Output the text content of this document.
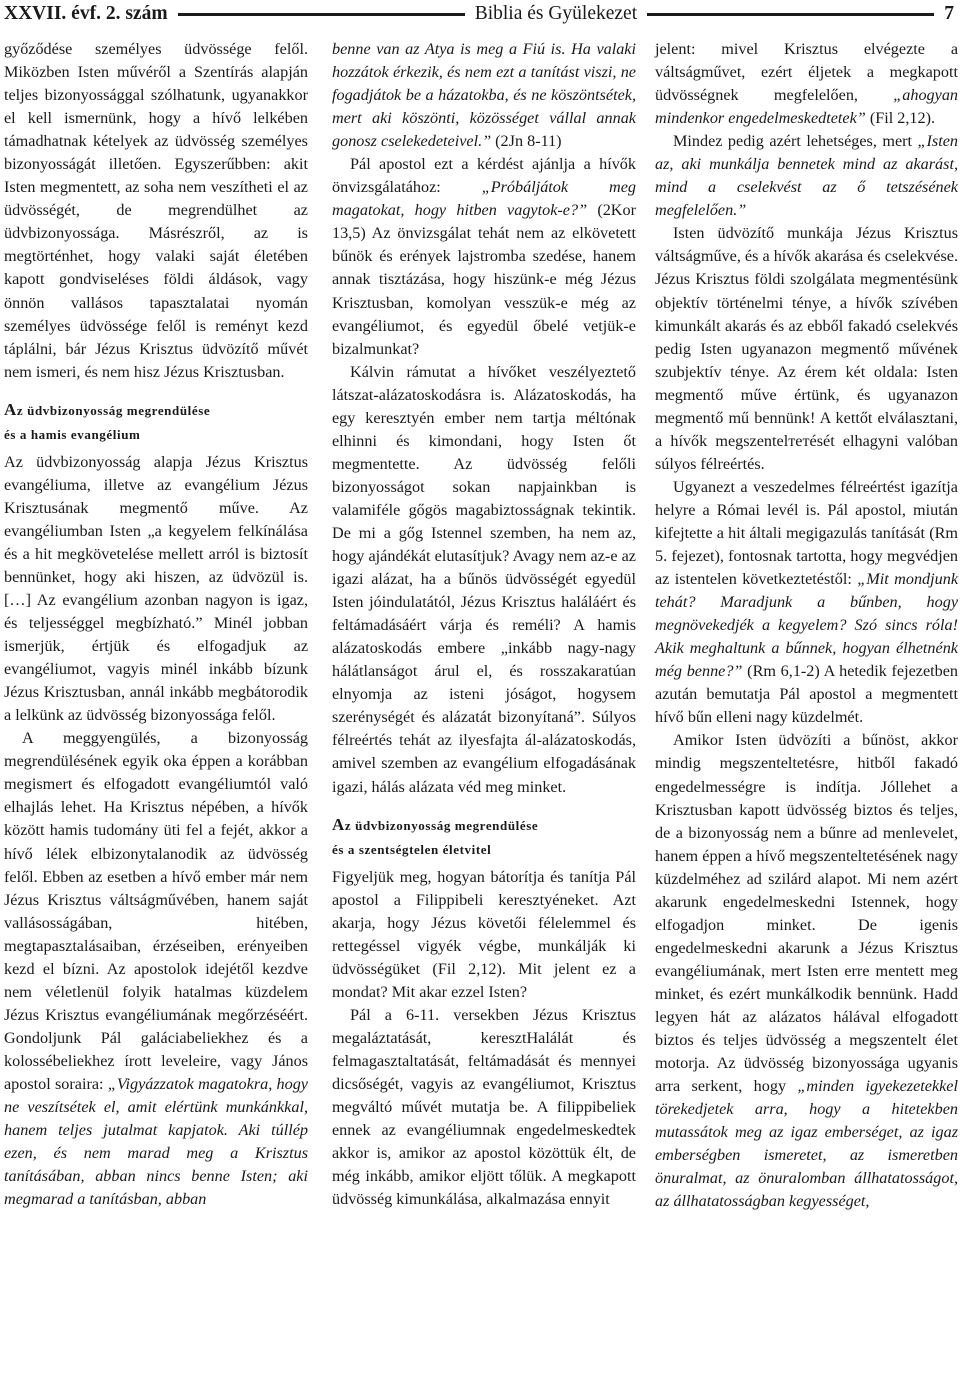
XXVII. évf. 2. szám	Biblia és Gyülekezet	7

győződése személyes üdvössége felől. Miközben Isten művéről a Szentírás alapján teljes bizonyossággal szólhatunk, ugyanakkor el kell ismernünk, hogy a hívő lelkében támadhatnak kételyek az üdvösség személyes bizonyosságát illetően. Egyszerűbben: akit Isten megmentett, az soha nem veszítheti el az üdvösségét, de megrendülhet az üdvbizonyossága. Másrészről, az is megtörténhet, hogy valaki saját életében kapott gondviseléses földi áldások, vagy önnön vallásos tapasztalatai nyomán személyes üdvössége felől is reményt kezd táplálni, bár Jézus Krisztus üdvözítő művét nem ismeri, és nem hisz Jézus Krisztusban.

Az üdvbizonyosság megrendülése
és a hamis evangélium

Az üdvbizonyosság alapja Jézus Krisztus evangéliuma, illetve az evangélium Jézus Krisztusának megmentő műve. Az evangéliumban Isten „a kegyelem felkínálása és a hit megkövetelése mellett arról is biztosít bennünket, hogy aki hiszen, az üdvözül is. […] Az evangélium azonban nagyon is igaz, és teljességgel megbízható.” Minél jobban ismerjük, értjük és elfogadjuk az evangéliumot, vagyis minél inkább bízunk Jézus Krisztusban, annál inkább megbátorodik a lelkünk az üdvösség bizonyossága felől.

A meggyengülés, a bizonyosság megrendülésének egyik oka éppen a korábban megismert és elfogadott evangéliumtól való elhajlás lehet. Ha Krisztus népében, a hívők között hamis tudomány üti fel a fejét, akkor a hívő lélek elbizonytalanodik az üdvösség felől. Ebben az esetben a hívő ember már nem Jézus Krisztus váltságművében, hanem saját vallásosságában, hitében, megtapasztalásaiban, érzéseiben, erényeiben kezd el bízni. Az apostolok idejétől kezdve nem véletlenül folyik hatalmas küzdelem Jézus Krisztus evangéliumának megőrzéséért. Gondoljunk Pál galáciabeliekhez és a kolossébeliekhez írott leveleire, vagy János apostol soraira: „Vigyázzatok magatokra, hogy ne veszítsétek el, amit elértünk munkánkkal, hanem teljes jutalmat kapjatok. Aki túllép ezen, és nem marad meg a Krisztus tanításában, abban nincs benne Isten; aki megmarad a tanításban, abban

benne van az Atya is meg a Fiú is. Ha valaki hozzátok érkezik, és nem ezt a tanítást viszi, ne fogadjátok be a házatokba, és ne köszöntsétek, mert aki köszönti, közösséget vállal annak gonosz cselekedeteivel.” (2Jn 8-11)

Pál apostol ezt a kérdést ajánlja a hívők önvizsgálatához: „Próbáljátok meg magatokat, hogy hitben vagytok-e?” (2Kor 13,5) Az önvizsgálat tehát nem az elkövetett bűnök és erények lajstromba szedése, hanem annak tisztázása, hogy hiszünk-e még Jézus Krisztusban, komolyan vesszük-e még az evangéliumot, és egyedül őbelé vetjük-e bizalmunkat?

Kálvin rámutat a hívőket veszélyeztető látszat-alázatoskodásra is. Alázatoskodás, ha egy keresztyén ember nem tartja méltónak elhinni és kimondani, hogy Isten őt megmentette. Az üdvösség felőli bizonyosságot sokan napjainkban is valamiféle gőgös magabiztosságnak tekintik. De mi a gőg Istennel szemben, ha nem az, hogy ajándékát elutasítjuk? Avagy nem az-e az igazi alázat, ha a bűnös üdvösségét egyedül Isten jóindulatától, Jézus Krisztus haláláért és feltámadásáért várja és reméli? A hamis alázatoskodás embere „inkább nagy-nagy hálátlanságot árul el, és rosszakaratúan elnyomja az isteni jóságot, hogysem szerénységét és alázatát bizonyítaná”. Súlyos félreértés tehát az ilyesfajta ál-alázatoskodás, amivel szemben az evangélium elfogadásának igazi, hálás alázata véd meg minket.

Az üdvbizonyosság megrendülése
és a szentségtelen életvitel

Figyeljük meg, hogyan bátorítja és tanítja Pál apostol a Filippibeli keresztyéneket. Azt akarja, hogy Jézus követői félelemmel és rettegéssel vigyék végbe, munkálják ki üdvösségüket (Fil 2,12). Mit jelent ez a mondat? Mit akar ezzel Isten?

Pál a 6-11. versekben Jézus Krisztus megaláztatását, keresztHalálát és felmagasztaltatását, feltámadását és mennyei dicsőségét, vagyis az evangéliumot, Krisztus megváltó művét mutatja be. A filippibeliek ennek az evangéliumnak engedelmeskedtek akkor is, amikor az apostol közöttük élt, de még inkább, amikor eljött tőlük. A megkapott üdvösség kimunkálása, alkalmazása ennyit

jelent: mivel Krisztus elvégezte a váltságművet, ezért éljetek a megkapott üdvösségnek megfelelően, „ahogyan mindenkor engedelmeskedtetek” (Fil 2,12).

Mindez pedig azért lehetséges, mert „Isten az, aki munkálja bennetek mind az akarást, mind a cselekvést az ő tetszésének megfelelően.”

Isten üdvözítő munkája Jézus Krisztus váltságműve, és a hívők akarása és cselekvése. Jézus Krisztus földi szolgálata megmentésünk objektív történelmi ténye, a hívők szívében kimunkált akarás és az ebből fakadó cselekvés pedig Isten ugyanazon megmentő művének szubjektív ténye. Az érem két oldala: Isten megmentő műve értünk, és ugyanazon megmentő mű bennünk! A kettőt elválasztani, a hívők megszentelтетését elhagyni valóban súlyos félreértés.

Ugyanezt a veszedelmes félreértést igazítja helyre a Római levél is. Pál apostol, miután kifejtette a hit általi megigazulás tanítását (Rm 5. fejezet), fontosnak tartotta, hogy megvédjen az istentelen következtetéstől: „Mit mondjunk tehát? Maradjunk a bűnben, hogy megnövekedjék a kegyelem? Szó sincs róla! Akik meghaltunk a bűnnek, hogyan élhetnénk még benne?” (Rm 6,1-2) A hetedik fejezetben azután bemutatja Pál apostol a megmentett hívő bűn elleni nagy küzdelmét.

Amikor Isten üdvözíti a bűnöst, akkor mindig megszenteltetésre, hitből fakadó engedelmességre is indítja. Jóllehet a Krisztusban kapott üdvösség biztos és teljes, de a bizonyosság nem a bűnre ad menlevelet, hanem éppen a hívő megszenteltetésének nagy küzdelméhez ad szilárd alapot. Mi nem azért akarunk engedelmeskedni Istennek, hogy elfogadjon minket. De igenis engedelmeskedni akarunk a Jézus Krisztus evangéliumának, mert Isten erre mentett meg minket, és ezért munkálkodik bennünk. Hadd legyen hát az alázatos hálával elfogadott biztos és teljes üdvösség a megszentelt élet motorja. Az üdvösség bizonyossága ugyanis arra serkent, hogy „minden igyekezetekkel törekedjetek arra, hogy a hitetekben mutassátok meg az igaz emberséget, az igaz emberségben ismeretet, az ismeretben önuralmat, az önuralomban állhatatosságot, az állhatatosságban kegyességet,
